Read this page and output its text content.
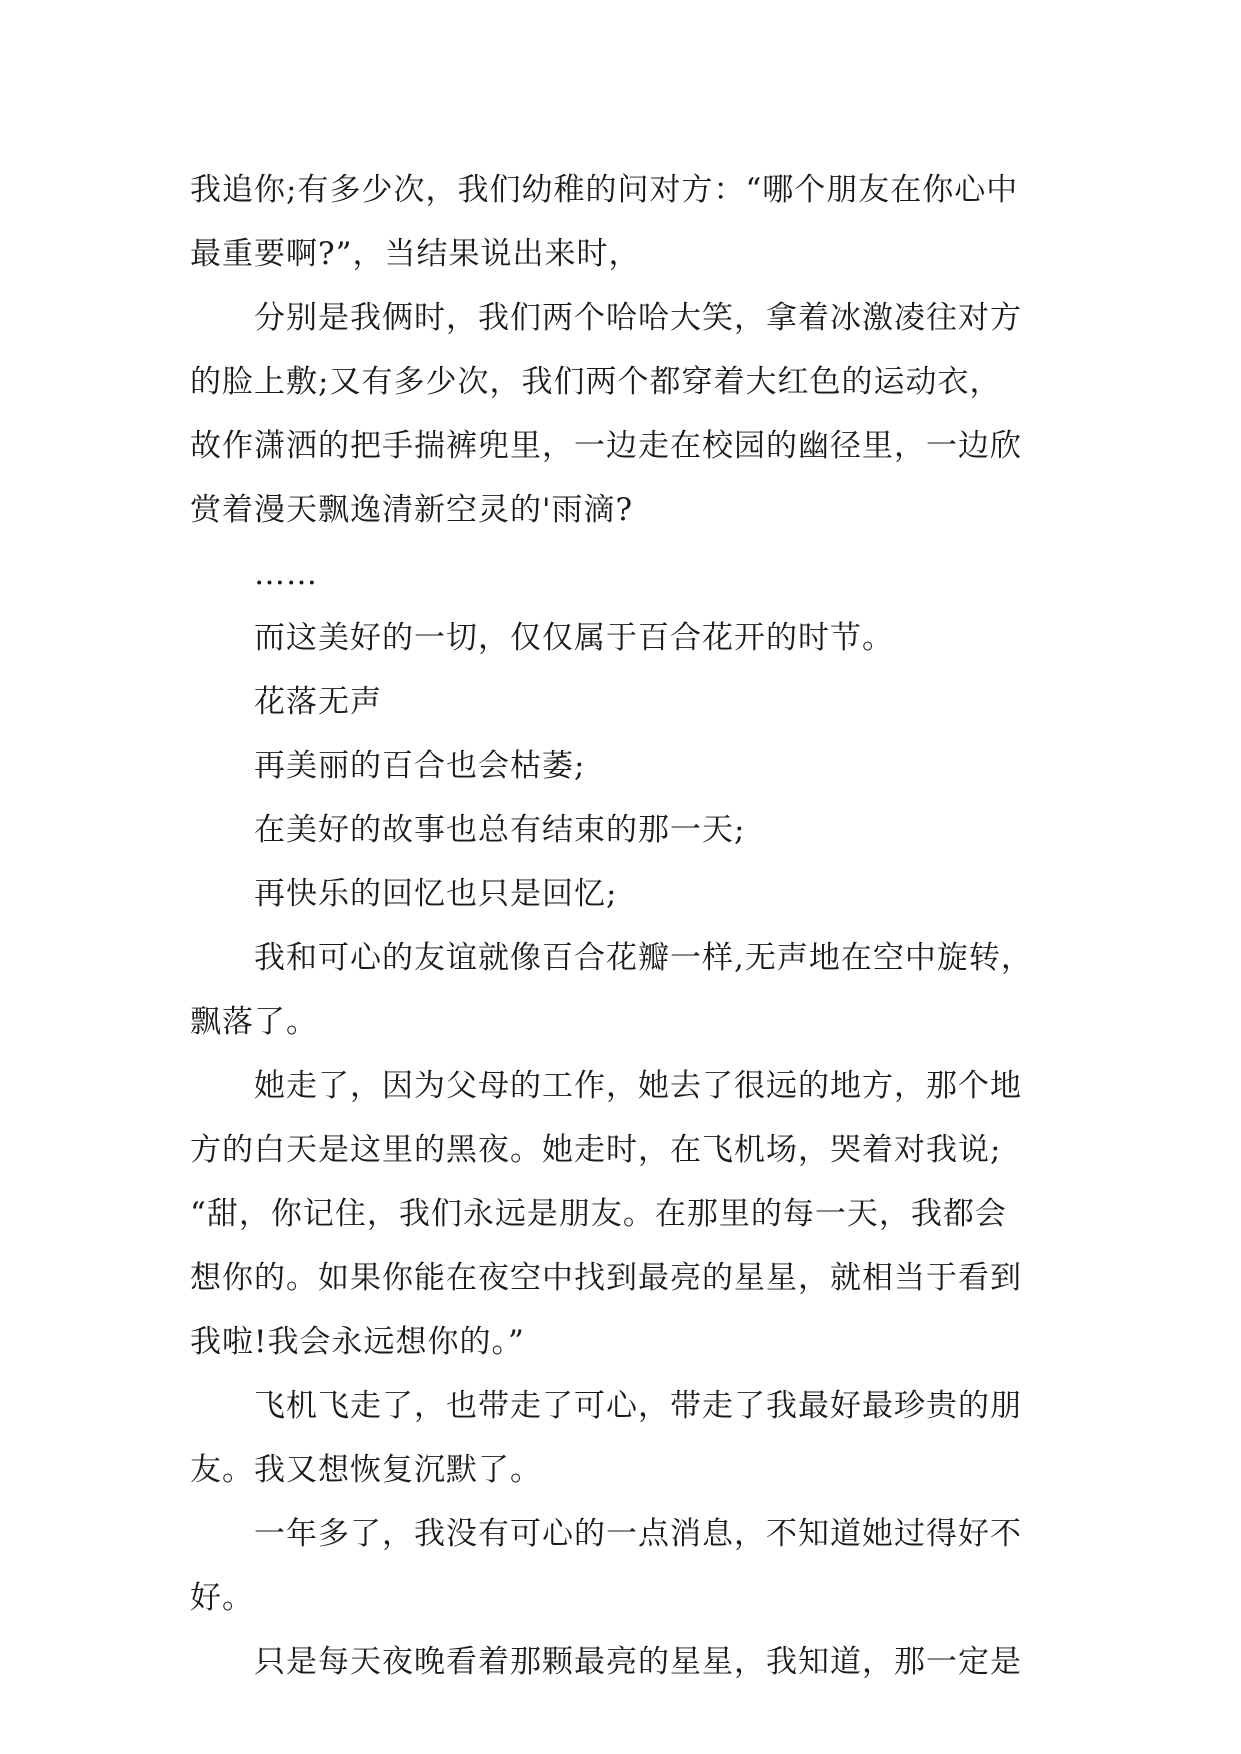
我追你;有多少次，我们幼稚的问对方：“哪个朋友在你心中
最重要啊?”，当结果说出来时，
分别是我俩时，我们两个哈哈大笑，拿着冰激凌往对方
的脸上敷;又有多少次，我们两个都穿着大红色的运动衣，
故作潇洒的把手揣裤兜里，一边走在校园的幽径里，一边欣
赏着漫天飘逸清新空灵的'雨滴?
……
而这美好的一切，仅仅属于百合花开的时节。
花落无声
再美丽的百合也会枯萎;
在美好的故事也总有结束的那一天;
再快乐的回忆也只是回忆;
我和可心的友谊就像百合花瓣一样,无声地在空中旋转，
飘落了。
她走了，因为父母的工作，她去了很远的地方，那个地
方的白天是这里的黑夜。她走时，在飞机场，哭着对我说;
“甜，你记住，我们永远是朋友。在那里的每一天，我都会
想你的。如果你能在夜空中找到最亮的星星，就相当于看到
我啦!我会永远想你的。”
飞机飞走了，也带走了可心，带走了我最好最珍贵的朋
友。我又想恢复沉默了。
一年多了，我没有可心的一点消息，不知道她过得好不
好。
只是每天夜晚看着那颗最亮的星星，我知道，那一定是
